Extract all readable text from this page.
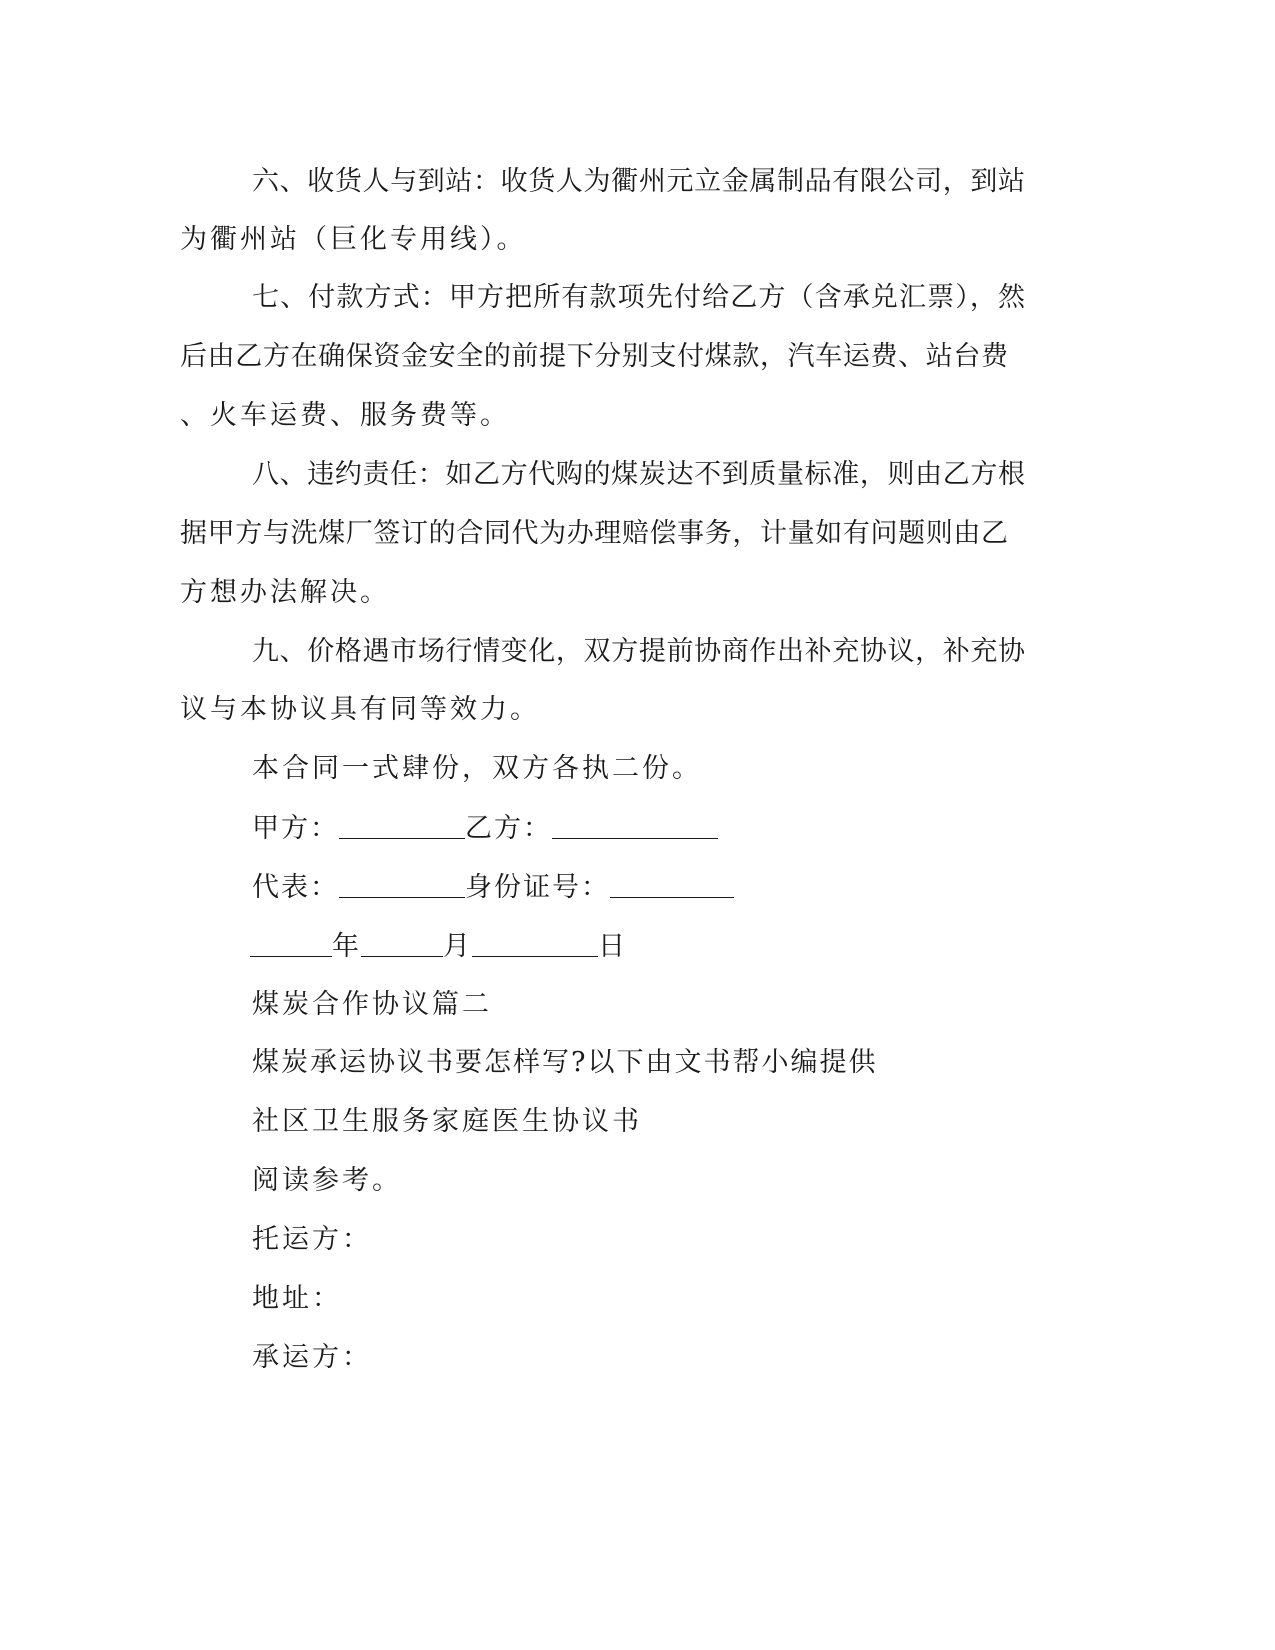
六、收货人与到站：收货人为衢州元立金属制品有限公司，到站
为衢州站（巨化专用线）。
七、付款方式：甲方把所有款项先付给乙方（含承兑汇票），然
后由乙方在确保资金安全的前提下分别支付煤款，汽车运费、站台费
、火车运费、服务费等。
八、违约责任：如乙方代购的煤炭达不到质量标准，则由乙方根
据甲方与洗煤厂签订的合同代为办理赔偿事务，计量如有问题则由乙
方想办法解决。
九、价格遇市场行情变化，双方提前协商作出补充协议，补充协
议与本协议具有同等效力。
本合同一式肆份，双方各执二份。
甲方：	乙方：
代表：	身份证号：
年	月	日
煤炭合作协议篇二
煤炭承运协议书要怎样写?以下由文书帮小编提供
社区卫生服务家庭医生协议书
阅读参考。
托运方：
地址：
承运方：
